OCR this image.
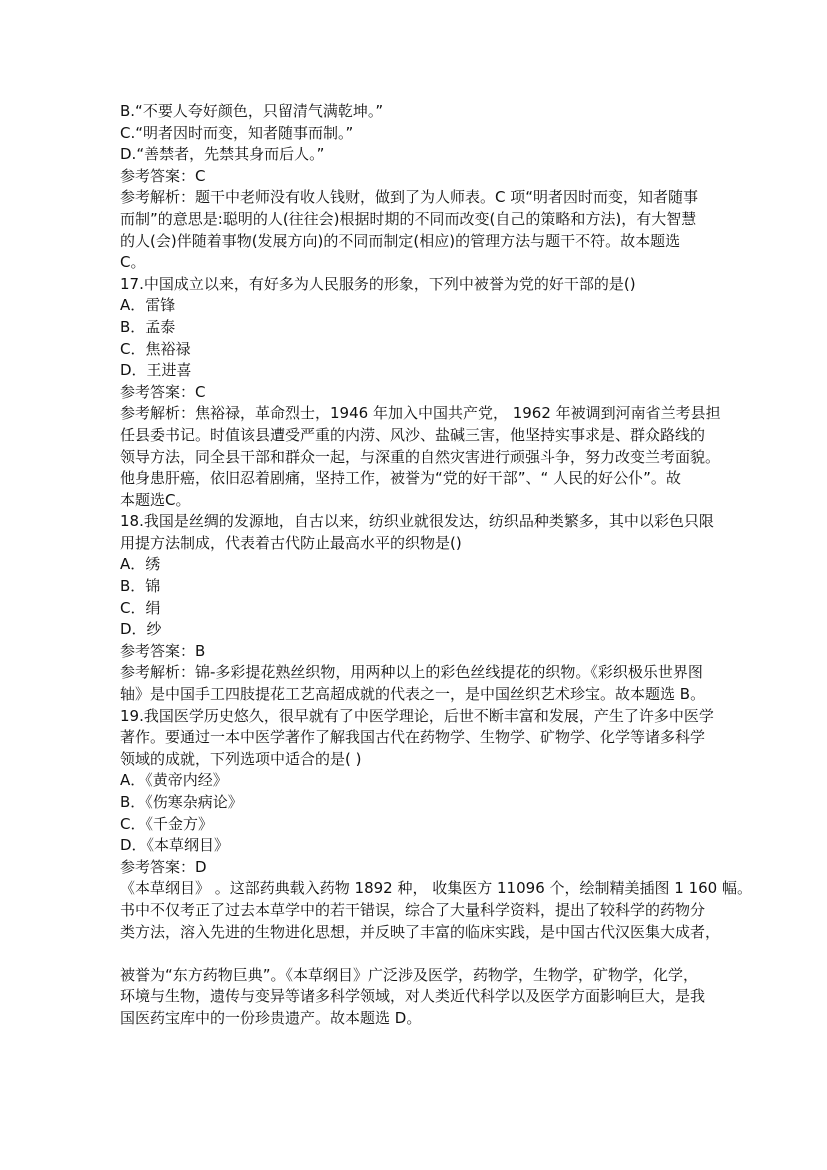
B.“不要人夸好颜色，只留清气满乾坤。”
C.“明者因时而变，知者随事而制。”
D.“善禁者，先禁其身而后人。”
参考答案：C
参考解析：题干中老师没有收人钱财，做到了为人师表。C 项“明者因时而变，知者随事
而制”的意思是:聪明的人(往往会)根据时期的不同而改变(自己的策略和方法)，有大智慧
的人(会)伴随着事物(发展方向)的不同而制定(相应)的管理方法与题干不符。故本题选
C。
17.中国成立以来，有好多为人民服务的形象，下列中被誉为党的好干部的是()
A．雷锋
B．孟泰
C．焦裕禄
D．王进喜
参考答案：C
参考解析：焦裕禄，革命烈士，1946 年加入中国共产党， 1962 年被调到河南省兰考县担
任县委书记。时值该县遭受严重的内涝、风沙、盐碱三害，他坚持实事求是、群众路线的
领导方法，同全县干部和群众一起，与深重的自然灾害进行顽强斗争，努力改变兰考面貌。
他身患肝癌，依旧忍着剧痛，坚持工作，被誉为“党的好干部”、“ 人民的好公仆”。故
本题选C。
18.我国是丝绸的发源地，自古以来，纺织业就很发达，纺织品种类繁多，其中以彩色只限
用提方法制成，代表着古代防止最高水平的织物是()
A．绣
B．锦
C．绢
D．纱
参考答案：B
参考解析：锦-多彩提花熟丝织物，用两种以上的彩色丝线提花的织物。《彩织极乐世界图
轴》是中国手工四肢提花工艺高超成就的代表之一，是中国丝织艺术珍宝。故本题选 B。
19.我国医学历史悠久，很早就有了中医学理论，后世不断丰富和发展，产生了许多中医学
著作。要通过一本中医学著作了解我国古代在药物学、生物学、矿物学、化学等诸多科学
领域的成就，下列选项中适合的是( )
A．《黄帝内经》
B．《伤寒杂病论》
C．《千金方》
D．《本草纲目》
参考答案：D
《本草纲目》 。这部药典载入药物 1892 种， 收集医方 11096 个，绘制精美插图 1 160 幅。
书中不仅考正了过去本草学中的若干错误，综合了大量科学资料，提出了较科学的药物分
类方法，溶入先进的生物进化思想，并反映了丰富的临床实践，是中国古代汉医集大成者，
被誉为“东方药物巨典”。《本草纲目》广泛涉及医学，药物学，生物学，矿物学，化学，
环境与生物，遗传与变异等诸多科学领域，对人类近代科学以及医学方面影响巨大，是我
国医药宝库中的一份珍贵遗产。故本题选 D。
